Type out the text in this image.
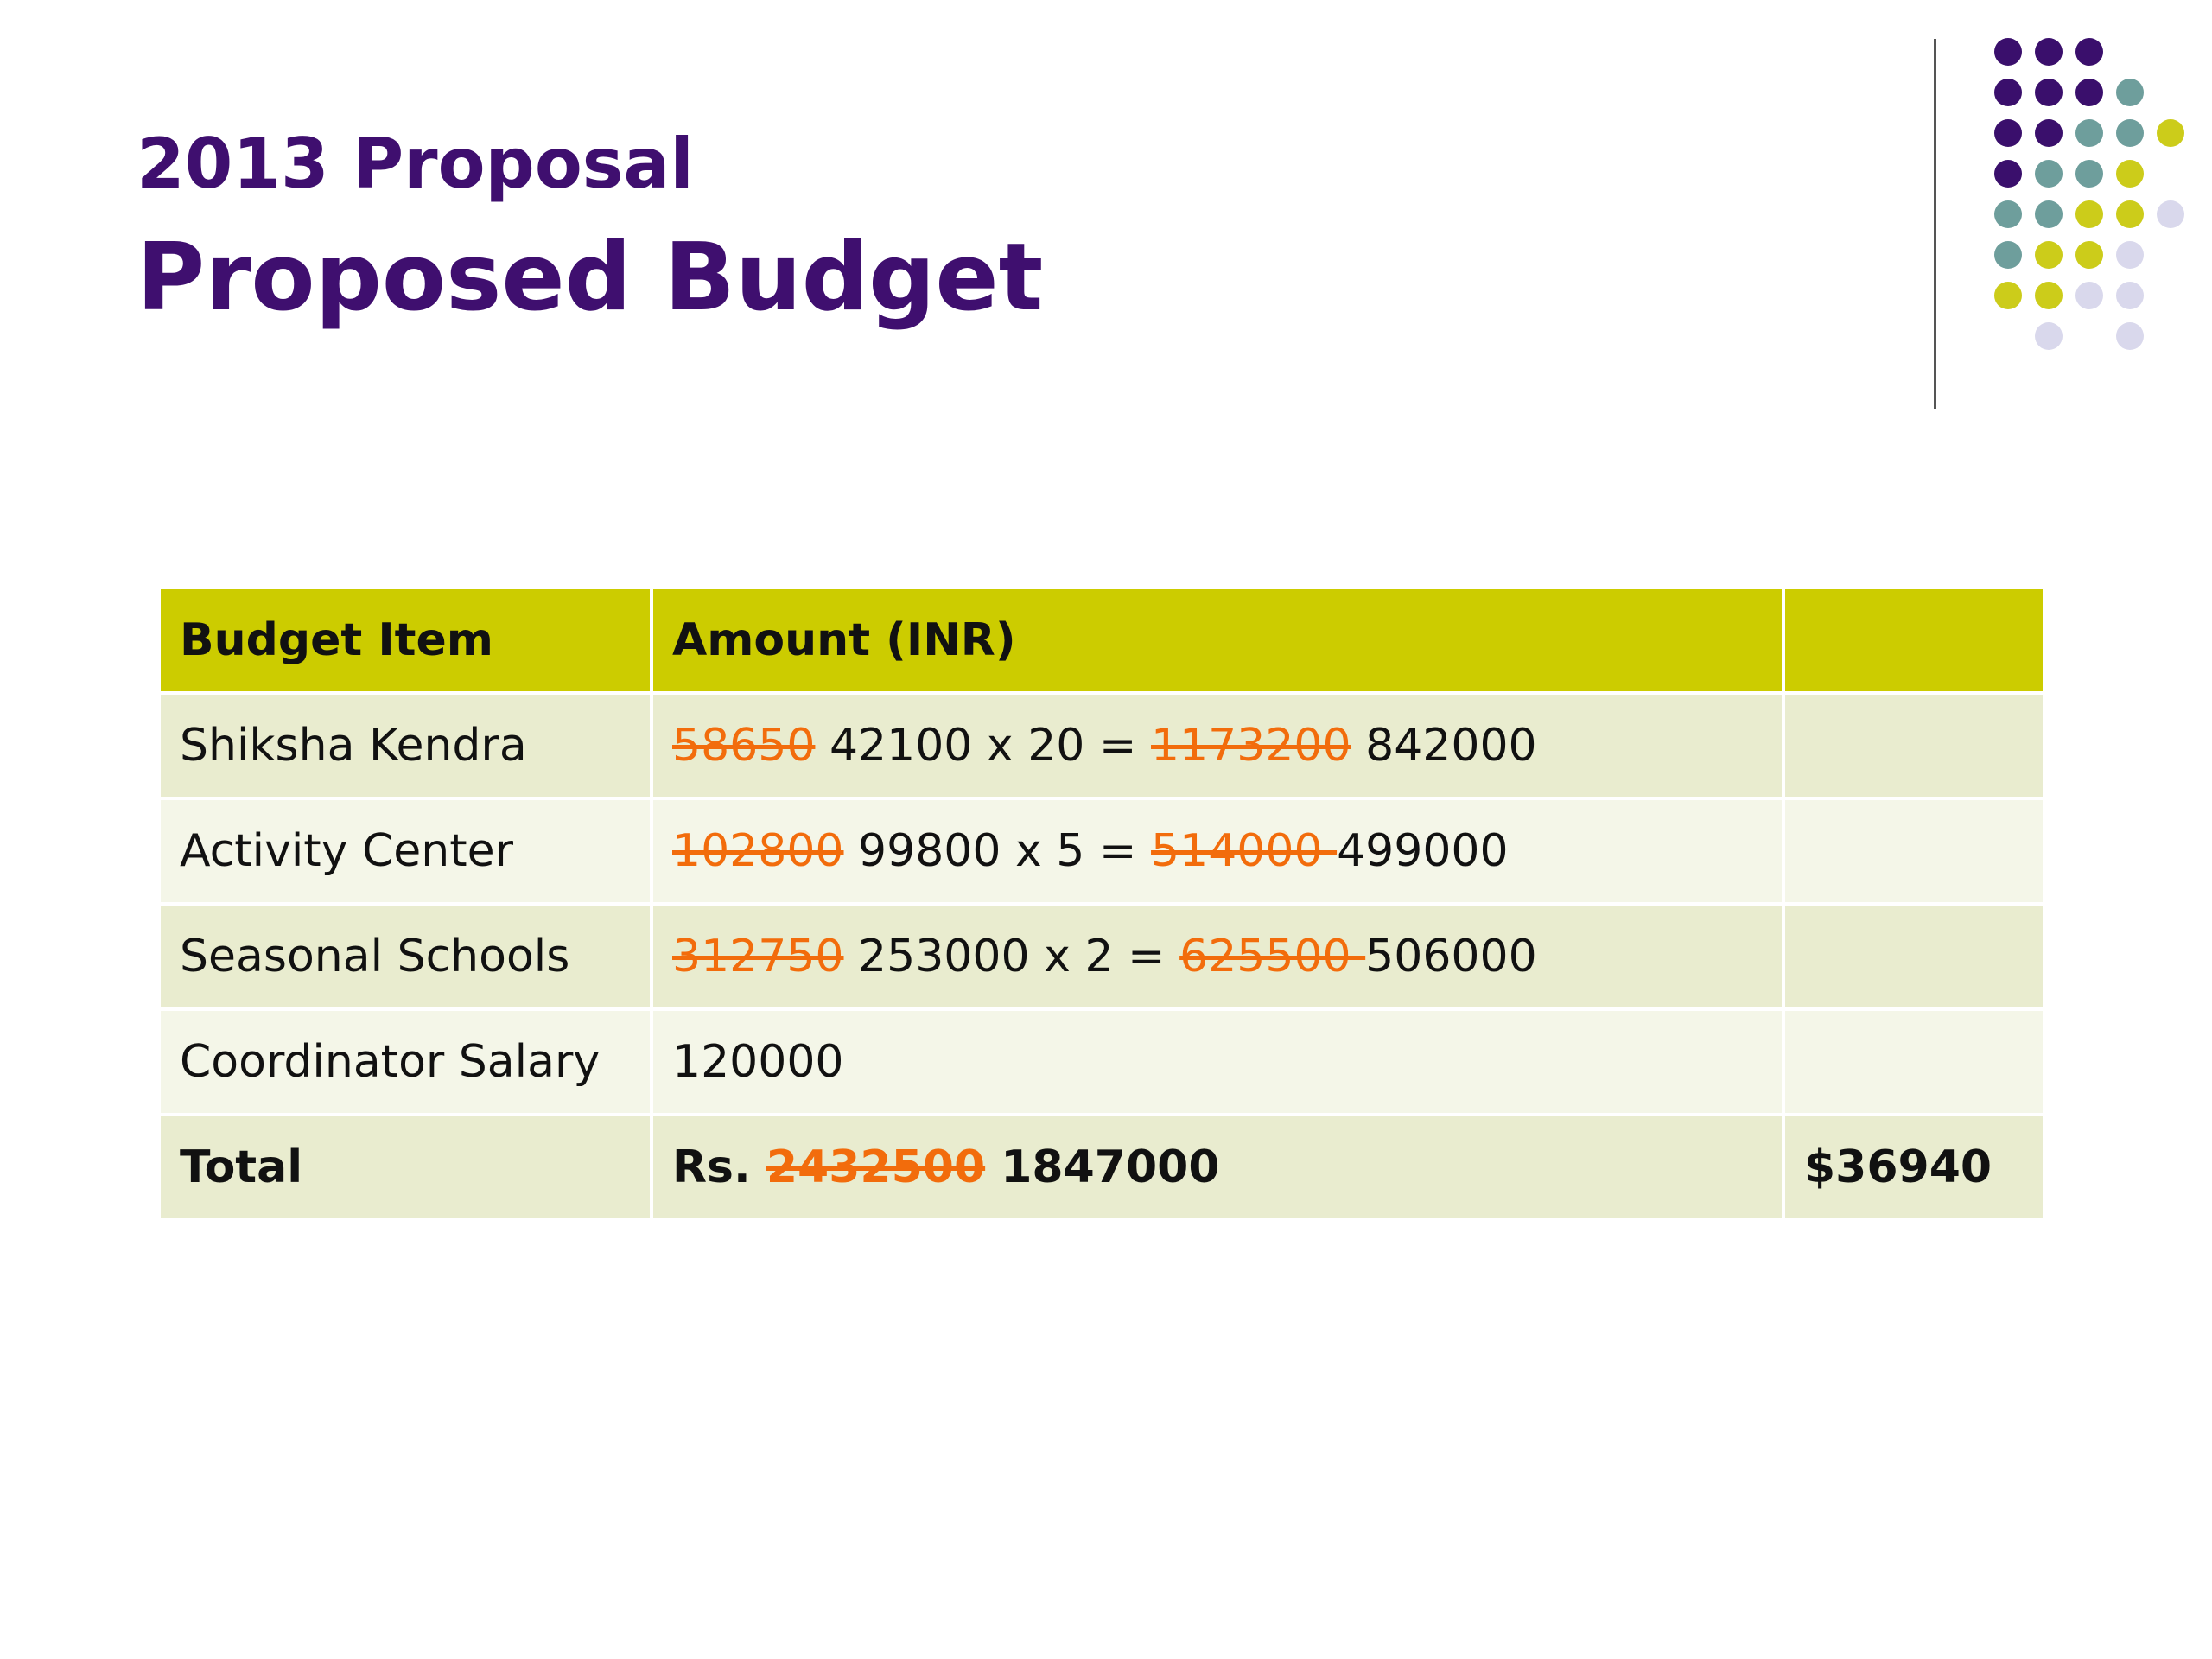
2013 Proposal
Proposed Budget
Budget Item	Amount (INR)	
Shiksha Kendra	58650 42100 x 20 = 1173200 842000	
Activity Center	102800 99800 x 5 = 514000 499000	
Seasonal Schools	312750 253000 x 2 = 625500 506000	
Coordinator Salary	120000	
Total	Rs. 2432500 1847000	$36940
